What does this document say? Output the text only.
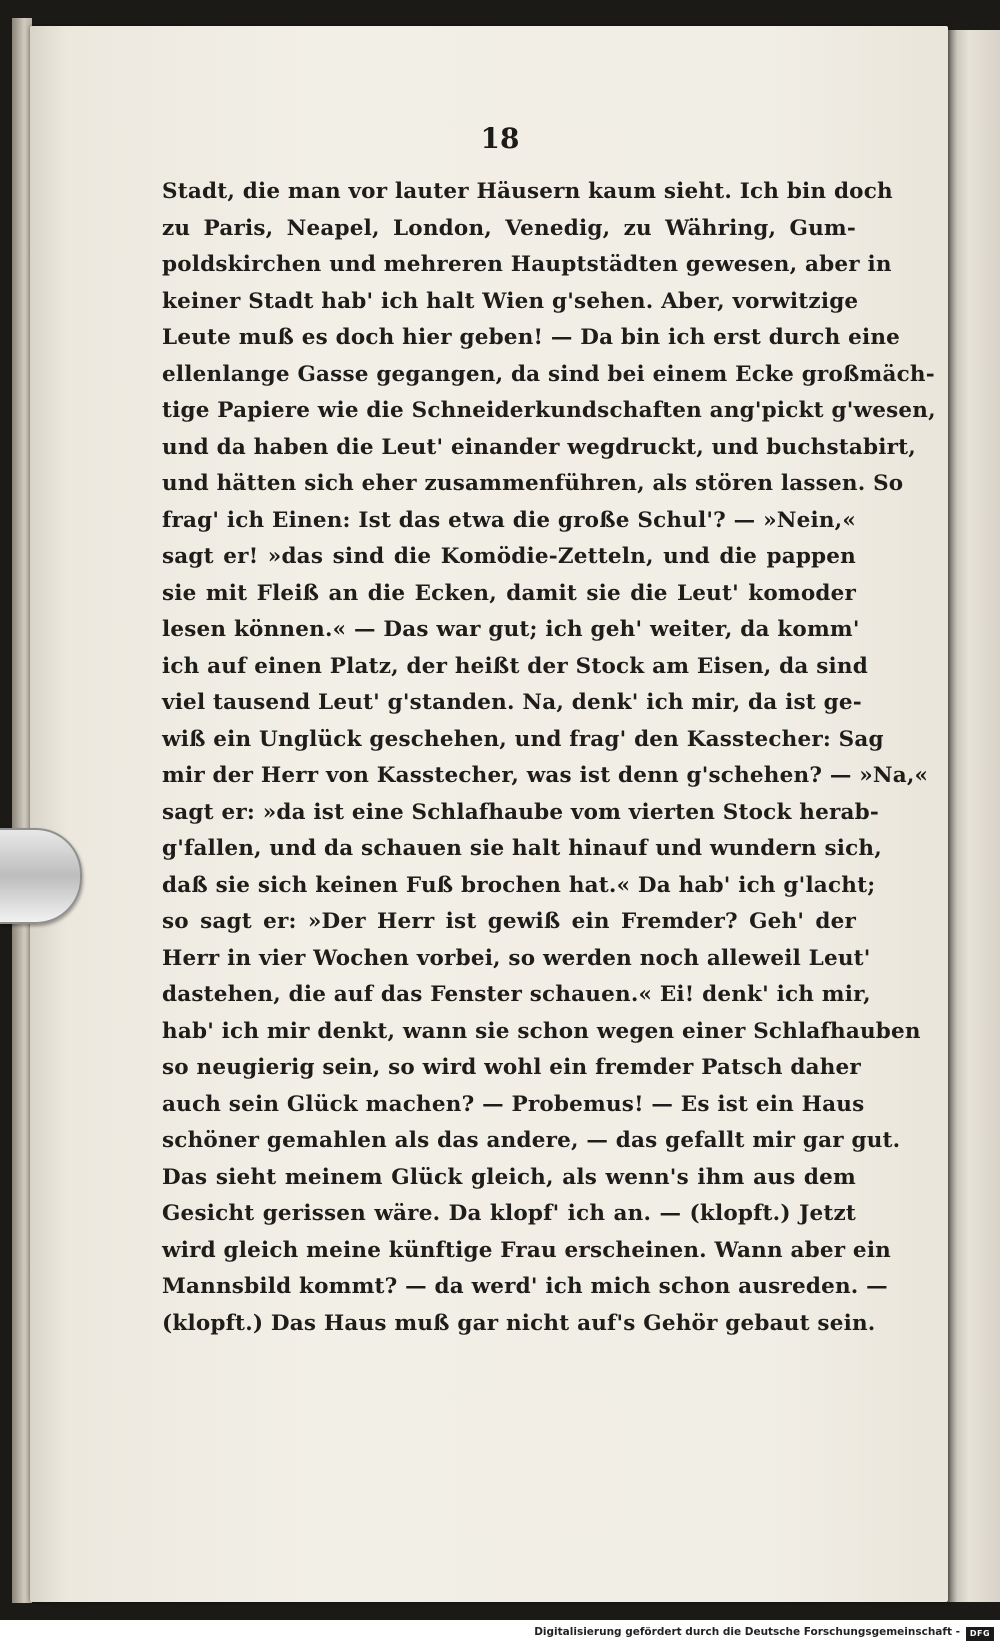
18
Stadt, die man vor lauter Häusern kaum sieht. Ich bin doch
zu Paris, Neapel, London, Venedig, zu Währing, Gum-
poldskirchen und mehreren Hauptstädten gewesen, aber in
keiner Stadt hab' ich halt Wien g'sehen. Aber, vorwitzige
Leute muß es doch hier geben! — Da bin ich erst durch eine
ellenlange Gasse gegangen, da sind bei einem Ecke großmäch-
tige Papiere wie die Schneiderkundschaften ang'pickt g'wesen,
und da haben die Leut' einander wegdruckt, und buchstabirt,
und hätten sich eher zusammenführen, als stören lassen. So
frag' ich Einen: Ist das etwa die große Schul'? — »Nein,«
sagt er! »das sind die Komödie-Zetteln, und die pappen
sie mit Fleiß an die Ecken, damit sie die Leut' komoder
lesen können.« — Das war gut; ich geh' weiter, da komm'
ich auf einen Platz, der heißt der Stock am Eisen, da sind
viel tausend Leut' g'standen. Na, denk' ich mir, da ist ge-
wiß ein Unglück geschehen, und frag' den Kasstecher: Sag
mir der Herr von Kasstecher, was ist denn g'schehen? — »Na,«
sagt er: »da ist eine Schlafhaube vom vierten Stock herab-
g'fallen, und da schauen sie halt hinauf und wundern sich,
daß sie sich keinen Fuß brochen hat.« Da hab' ich g'lacht;
so sagt er: »Der Herr ist gewiß ein Fremder? Geh' der
Herr in vier Wochen vorbei, so werden noch alleweil Leut'
dastehen, die auf das Fenster schauen.« Ei! denk' ich mir,
hab' ich mir denkt, wann sie schon wegen einer Schlafhauben
so neugierig sein, so wird wohl ein fremder Patsch daher
auch sein Glück machen? — Probemus! — Es ist ein Haus
schöner gemahlen als das andere, — das gefallt mir gar gut.
Das sieht meinem Glück gleich, als wenn's ihm aus dem
Gesicht gerissen wäre. Da klopf' ich an. — (klopft.) Jetzt
wird gleich meine künftige Frau erscheinen. Wann aber ein
Mannsbild kommt? — da werd' ich mich schon ausreden. —
(klopft.) Das Haus muß gar nicht auf's Gehör gebaut sein.
Digitalisierung gefördert durch die Deutsche Forschungsgemeinschaft -	DFG
